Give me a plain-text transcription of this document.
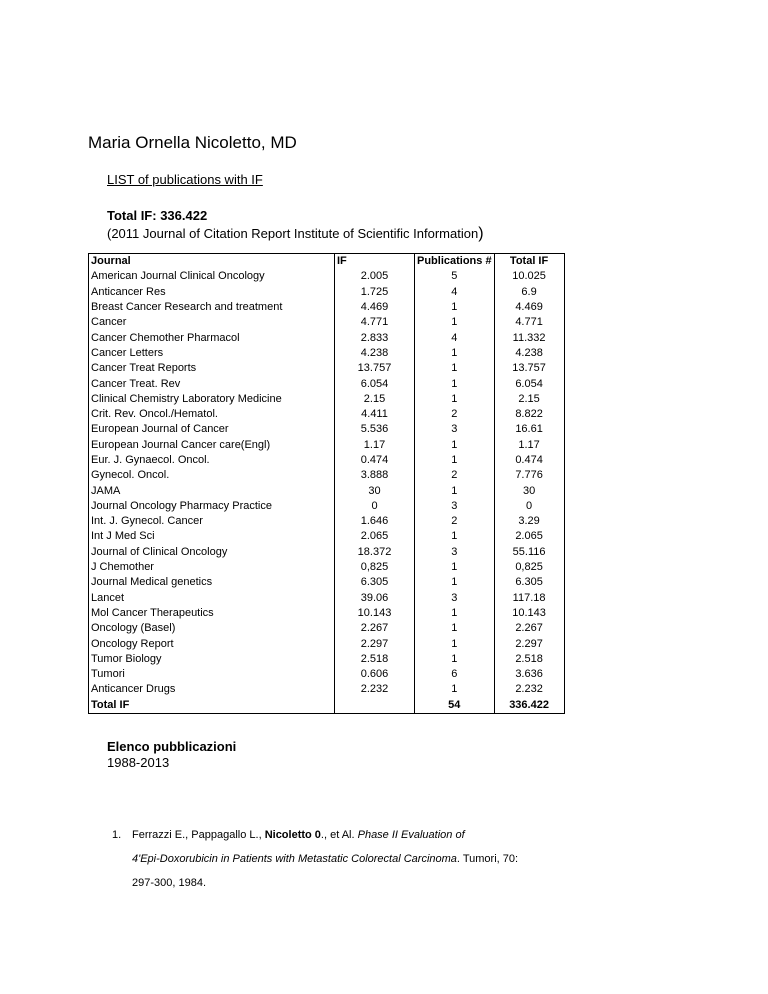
Maria Ornella Nicoletto, MD
LIST of publications with IF
Total IF: 336.422
(2011 Journal of Citation Report Institute of Scientific Information)
Journal	IF	Publications #	Total IF
American Journal Clinical Oncology	2.005	5	10.025
Anticancer Res	1.725	4	6.9
Breast Cancer Research and treatment	4.469	1	4.469
Cancer	4.771	1	4.771
Cancer Chemother Pharmacol	2.833	4	11.332
Cancer Letters	4.238	1	4.238
Cancer Treat Reports	13.757	1	13.757
Cancer Treat. Rev	6.054	1	6.054
Clinical Chemistry Laboratory Medicine	2.15	1	2.15
Crit. Rev. Oncol./Hematol.	4.411	2	8.822
European Journal of Cancer	5.536	3	16.61
European Journal Cancer care(Engl)	1.17	1	1.17
Eur. J. Gynaecol. Oncol.	0.474	1	0.474
Gynecol. Oncol.	3.888	2	7.776
JAMA	30	1	30
Journal Oncology Pharmacy Practice	0	3	0
Int. J. Gynecol. Cancer	1.646	2	3.29
Int J Med Sci	2.065	1	2.065
Journal of Clinical Oncology	18.372	3	55.116
J Chemother	0,825	1	0,825
Journal Medical genetics	6.305	1	6.305
Lancet	39.06	3	117.18
Mol Cancer Therapeutics	10.143	1	10.143
Oncology (Basel)	2.267	1	2.267
Oncology Report	2.297	1	2.297
Tumor Biology	2.518	1	2.518
Tumori	0.606	6	3.636
Anticancer Drugs	2.232	1	2.232
Total IF		54	336.422
Elenco pubblicazioni
1988-2013
1. Ferrazzi E., Pappagallo L., Nicoletto 0., et Al. Phase II Evaluation of
4'Epi-Doxorubicin in Patients with Metastatic Colorectal Carcinoma. Tumori, 70:
297-300, 1984.
